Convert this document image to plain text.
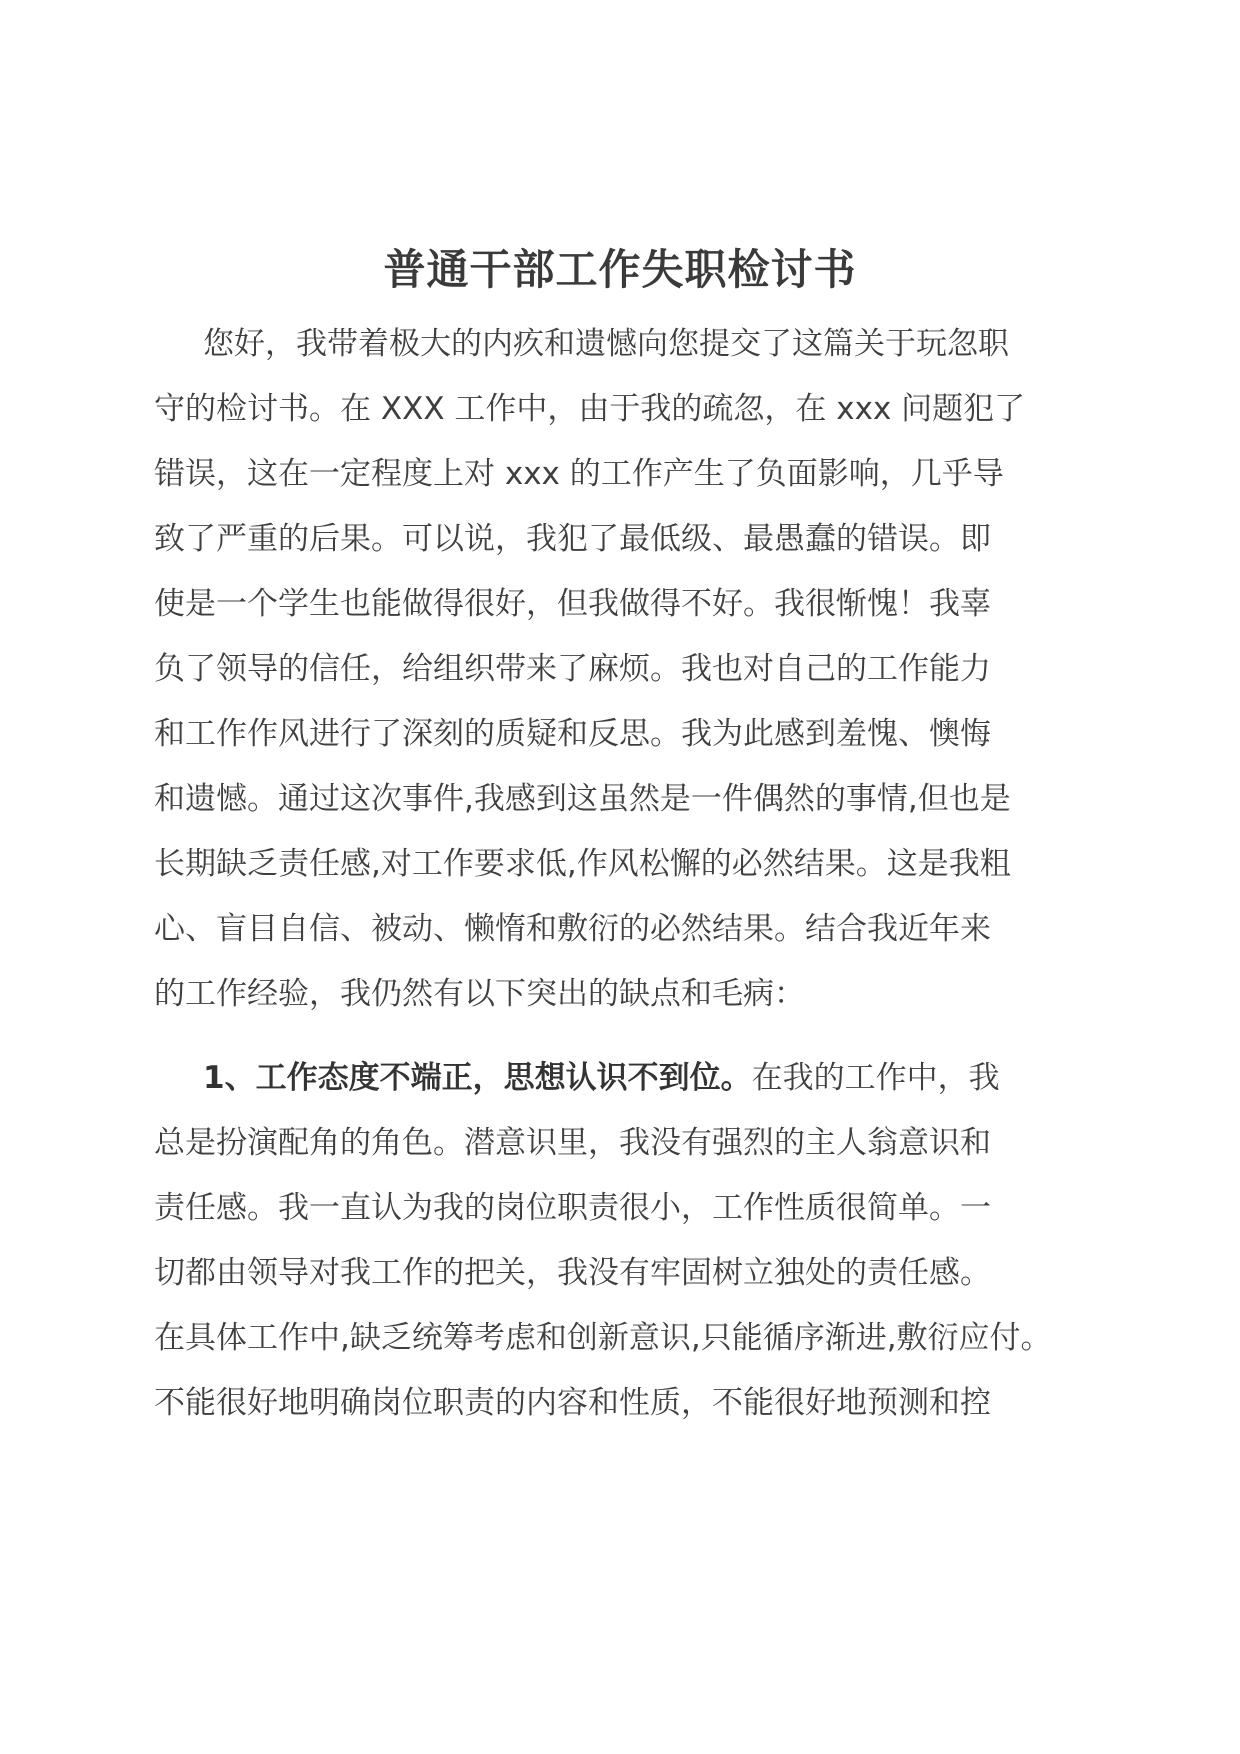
普通干部工作失职检讨书
您好，我带着极大的内疚和遗憾向您提交了这篇关于玩忽职
守的检讨书。在 XXX 工作中，由于我的疏忽，在 xxx 问题犯了
错误，这在一定程度上对 xxx 的工作产生了负面影响，几乎导
致了严重的后果。可以说，我犯了最低级、最愚蠢的错误。即
使是一个学生也能做得很好，但我做得不好。我很惭愧！我辜
负了领导的信任，给组织带来了麻烦。我也对自己的工作能力
和工作作风进行了深刻的质疑和反思。我为此感到羞愧、懊悔
和遗憾。通过这次事件,我感到这虽然是一件偶然的事情,但也是
长期缺乏责任感,对工作要求低,作风松懈的必然结果。这是我粗
心、盲目自信、被动、懒惰和敷衍的必然结果。结合我近年来
的工作经验，我仍然有以下突出的缺点和毛病：
1、工作态度不端正，思想认识不到位。在我的工作中，我
总是扮演配角的角色。潜意识里，我没有强烈的主人翁意识和
责任感。我一直认为我的岗位职责很小，工作性质很简单。一
切都由领导对我工作的把关，我没有牢固树立独处的责任感。
在具体工作中,缺乏统筹考虑和创新意识,只能循序渐进,敷衍应付。
不能很好地明确岗位职责的内容和性质，不能很好地预测和控
